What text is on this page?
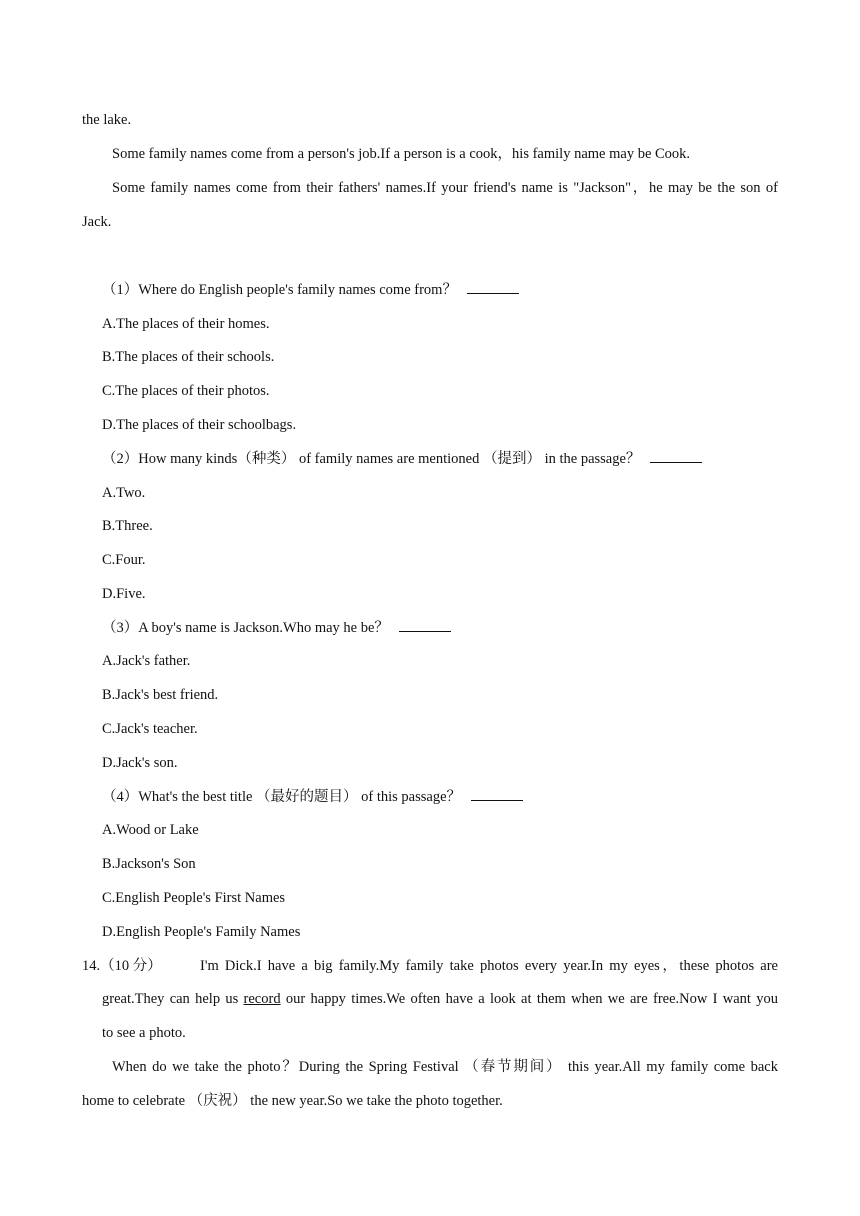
the lake.
Some family names come from a person's job.If a person is a cook，his family name may be Cook.
Some family names come from their fathers' names.If your friend's name is "Jackson"，he may be the son of
Jack.
（1）Where do English people's family names come from？
A.The places of their homes.
B.The places of their schools.
C.The places of their photos.
D.The places of their schoolbags.
（2）How many kinds（种类） of family names are mentioned （提到） in the passage？
A.Two.
B.Three.
C.Four.
D.Five.
（3）A boy's name is Jackson.Who may he be？
A.Jack's father.
B.Jack's best friend.
C.Jack's teacher.
D.Jack's son.
（4）What's the best title （最好的题目） of this passage？
A.Wood or Lake
B.Jackson's Son
C.English People's First Names
D.English People's Family Names
14.（10 分）	I'm Dick.I have a big family.My family take photos every year.In my eyes，these photos are
great.They can help us record our happy times.We often have a look at them when we are free.Now I want you
to see a photo.
When do we take the photo？During the Spring Festival （春节期间） this year.All my family come back
home to celebrate （庆祝） the new year.So we take the photo together.
